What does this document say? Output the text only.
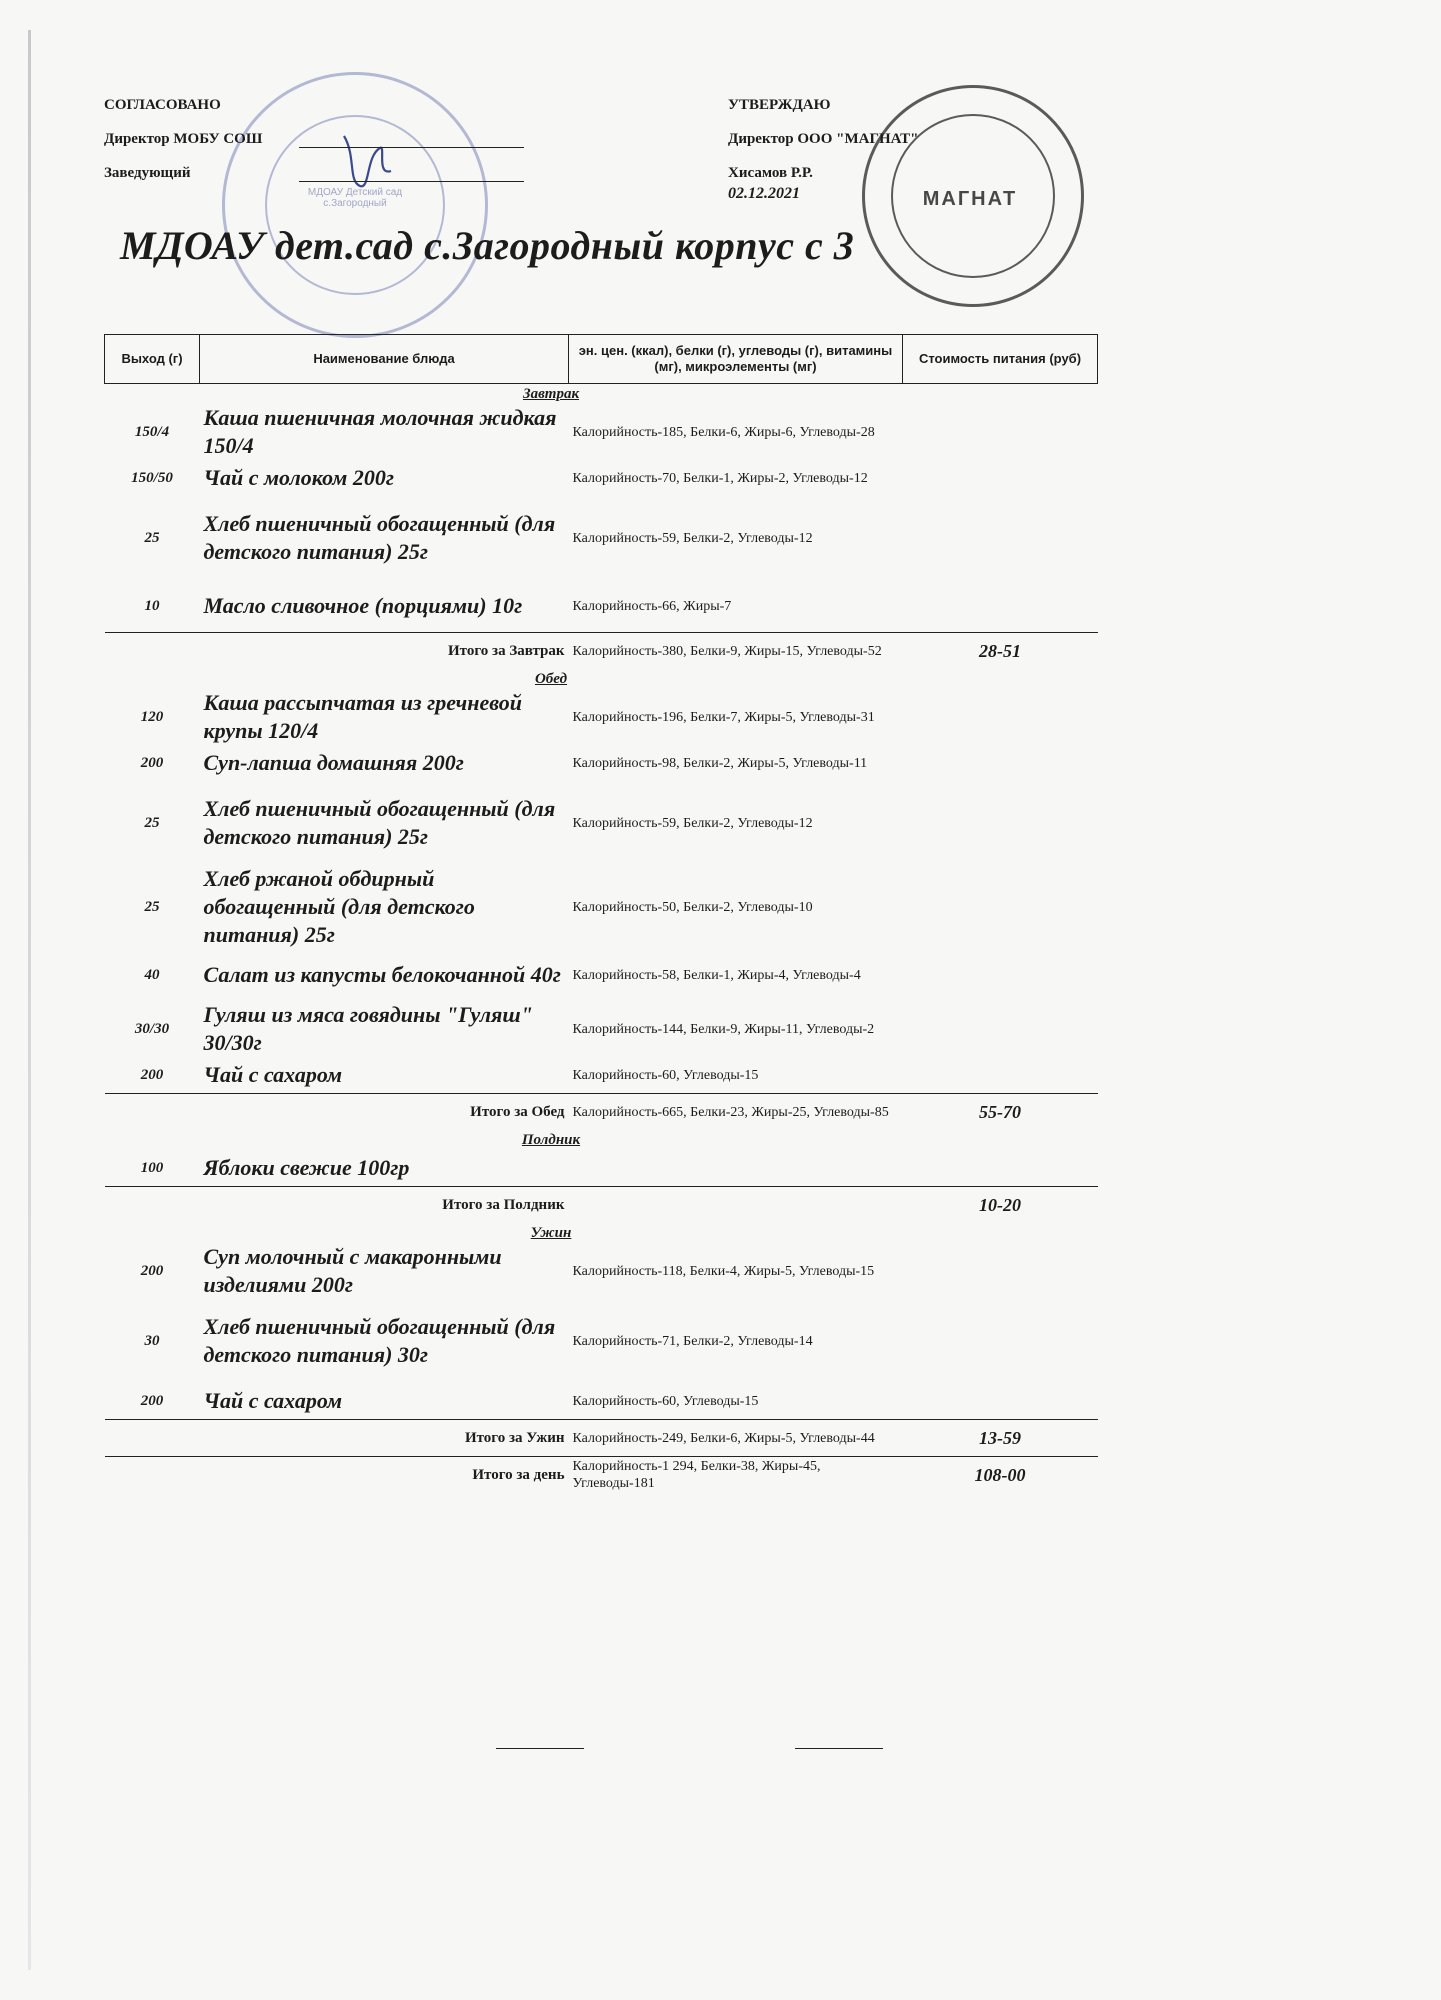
МДОАУ Детский сад с.Загородный	МАГНАТ
СОГЛАСОВАНО
Директор МОБУ СОШ
Заведующий
УТВЕРЖДАЮ
Директор ООО "МАГНАТ"
Хисамов Р.Р.
02.12.2021
МДОАУ дет.сад с.Загородный корпус с 3
Выход (г)	Наименование блюда	эн. цен. (ккал), белки (г), углеводы (г), витамины (мг), микроэлементы (мг)	Стоимость питания (руб)
	Завтрак		
150/4	Каша пшеничная молочная жидкая 150/4	Калорийность-185, Белки-6, Жиры-6, Углеводы-28	
150/50	Чай с молоком 200г	Калорийность-70, Белки-1, Жиры-2, Углеводы-12	
25	Хлеб пшеничный обогащенный (для детского питания) 25г	Калорийность-59, Белки-2, Углеводы-12	
10	Масло сливочное (порциями) 10г	Калорийность-66, Жиры-7	
	Итого за Завтрак	Калорийность-380, Белки-9, Жиры-15, Углеводы-52	28-51
	Обед		
120	Каша рассыпчатая из гречневой крупы 120/4	Калорийность-196, Белки-7, Жиры-5, Углеводы-31	
200	Суп-лапша домашняя 200г	Калорийность-98, Белки-2, Жиры-5, Углеводы-11	
25	Хлеб пшеничный обогащенный (для детского питания) 25г	Калорийность-59, Белки-2, Углеводы-12	
25	Хлеб ржаной обдирный обогащенный (для детского питания) 25г	Калорийность-50, Белки-2, Углеводы-10	
40	Салат из капусты белокочанной 40г	Калорийность-58, Белки-1, Жиры-4, Углеводы-4	
30/30	Гуляш из мяса говядины "Гуляш" 30/30г	Калорийность-144, Белки-9, Жиры-11, Углеводы-2	
200	Чай с сахаром	Калорийность-60, Углеводы-15	
	Итого за Обед	Калорийность-665, Белки-23, Жиры-25, Углеводы-85	55-70
	Полдник		
100	Яблоки свежие 100гр		
	Итого за Полдник		10-20
	Ужин		
200	Суп молочный с макаронными изделиями 200г	Калорийность-118, Белки-4, Жиры-5, Углеводы-15	
30	Хлеб пшеничный обогащенный (для детского питания) 30г	Калорийность-71, Белки-2, Углеводы-14	
200	Чай с сахаром	Калорийность-60, Углеводы-15	
	Итого за Ужин	Калорийность-249, Белки-6, Жиры-5, Углеводы-44	13-59
	Итого за день	Калорийность-1 294, Белки-38, Жиры-45, Углеводы-181	108-00
